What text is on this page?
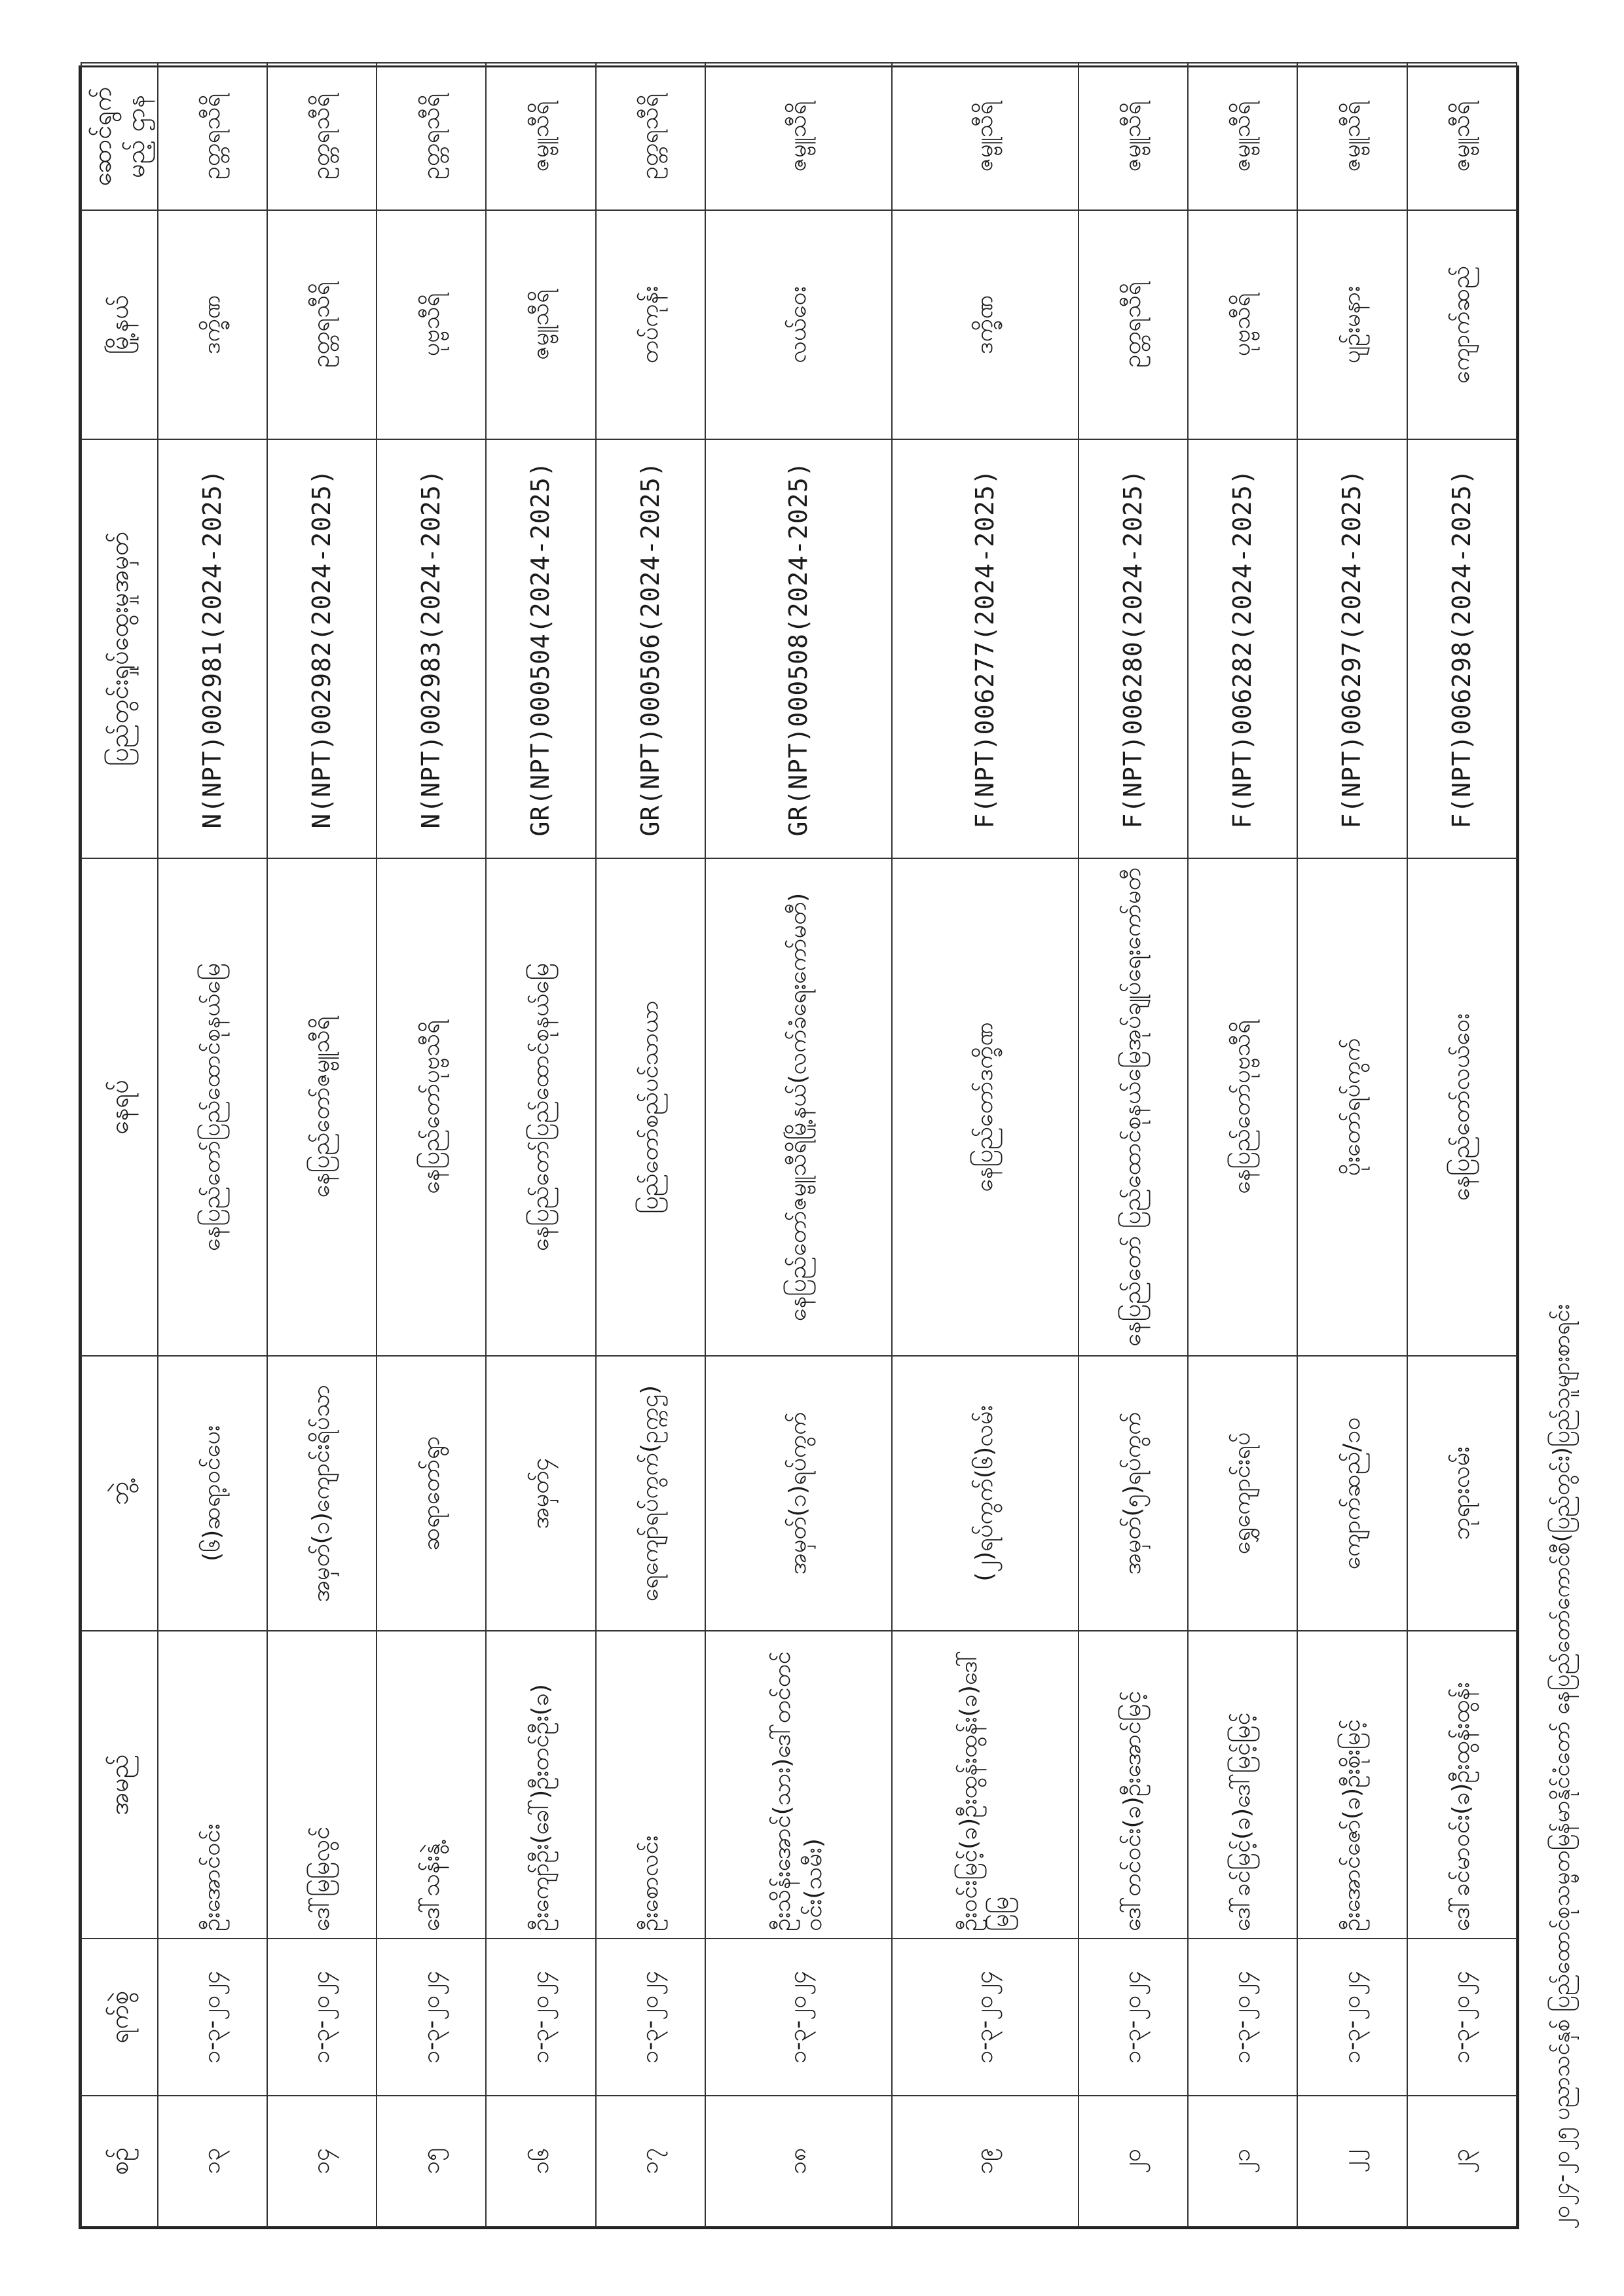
စဉ်	ရက်စွဲ	အမည်	ဘွဲ့	နေရပ်	ပြည်တွင်းရှုပ်ထွေးမှုအမှတ်	မြို့နယ်	ဆောင်ရွက်မည့် ဌာန
၁၃	၁-၃-၂၀၂၄	ဦးအောင်ဝင်း	(၆)ဆရာ့ဝင်ပေး	နေပြည်တော်ပြည်ထောင်စုနယ်မြေ	N(NPT)002981(2024-2025)	ဒက္ခိဏ	ဥတ္တရသီရိ
၁၄	၁-၃-၂၀၂၄	ဒေါ်မြမြလွင်	အမှတ်(၁)ကျောင်းရိပ်သာ	နေပြည်တော်ဇမ္ဗူသီရိ	N(NPT)002982(2024-2025)	ဥတ္တရသီရိ	ဥတ္တရသီရိ
၁၅	၁-၃-၂၀၂၄	ဒေါ်သန်းနွဲ့	ဆရာတော်ရွာ	နေပြည်တော်ပုဗ္ဗသီရိ	N(NPT)002983(2024-2025)	ပုဗ္ဗသီရိ	ဥတ္တရသီရိ
၁၆	၁-၃-၂၀၂၄	ဦးကျော်ဦး(ခေါ်)ဦးတင်ဦး(ခ)	အမှတ်၄	နေပြည်တော်ပြည်ထောင်စုနယ်မြေ	GR(NPT)000504(2024-2025)	ဇမ္ဗူသီရိ	ဇမ္ဗူသီရိ
၁၇	၁-၃-၂၀၂၄	ဦးစောလင်း	ရေကျော်ရပ်ကွက်(ဥက္ကဌ)	ပြည်တော်စည်ပင်သာယာ	GR(NPT)000506(2024-2025)	တပ်ကုန်း	ဥတ္တရသီရိ
၁၈	၁-၃-၂၀၂၄	ဦးသိန်းအောင်(သား)ဒေါ်တင်တင်ဝင်း(သမီး)	အမှတ်(၁)ရပ်ကွက်	နေပြည်တော်ဇမ္ဗူသီရိမြို့နယ်(လက်ခံရေးကော်မတီ)	GR(NPT)000508(2024-2025)	လယ်ဝေး	ဇမ္ဗူသီရိ
၁၉	၁-၃-၂၀၂၄	ဦးဝင်းမြင့်(ခ)ဦးထွန်းထွန်း(ခ)ဒေါ်မြမြ	(၂)ရပ်ကွက်(၆)လမ်း	နေပြည်တော်ဒက္ခိဏ	F(NPT)006277(2024-2025)	ဒက္ခိဏ	ဇမ္ဗူသီရိ
၂၀	၁-၃-၂၀၂၄	ဒေါ်တင်ဝင်း(ခ)ဦးအောင်မြင့်	အမှတ်(၅)ရပ်ကွက်	နေပြည်တော် ပြည်ထောင်စုနယ်မြေအုပ်ချုပ်ရေးကော်မတီ	F(NPT)006280(2024-2025)	ဥတ္တရသီရိ	ဇမ္ဗူသီရိ
၂၁	၁-၃-၂၀၂၄	ဒေါ်ခင်မြင့်(ခ)ဒေါ်မြင့်မြင့်	ရွှေကျောင်းရပ်	နေပြည်တော်ပုဗ္ဗသီရိ	F(NPT)006282(2024-2025)	ပုဗ္ဗသီရိ	ဇမ္ဗူသီရိ
၂၂	၁-၃-၂၀၂၄	ဦးအောင်ဇော်(ခ)ဦးစိုးမြင့်	ကျောက်ဆည်/၁၀	ပိုးတော်ရပ်ကွက်	F(NPT)006297(2024-2025)	ပျဉ်းမနား	ဇမ္ဗူသီရိ
၂၃	၁-၃-၂၀၂၄	ဒေါ်ခင်မာဝင်း(ခ)ဦးထွန်းထွန်း	ဘုရားလမ်း	နေပြည်တော်လယ်ဝေး	F(NPT)006298(2024-2025)	ကျောက်ဆည်	ဇမ္ဗူသီရိ
၂၀၂၄-၂၀၂၅ ပညာသင်နှစ် ပြည်ထောင်စုသမ္မတမြန်မာနိုင်ငံတော် နေပြည်တော်ကောင်စီ(ပြည်တွင်း)ပြည်သူများစာရင်း
